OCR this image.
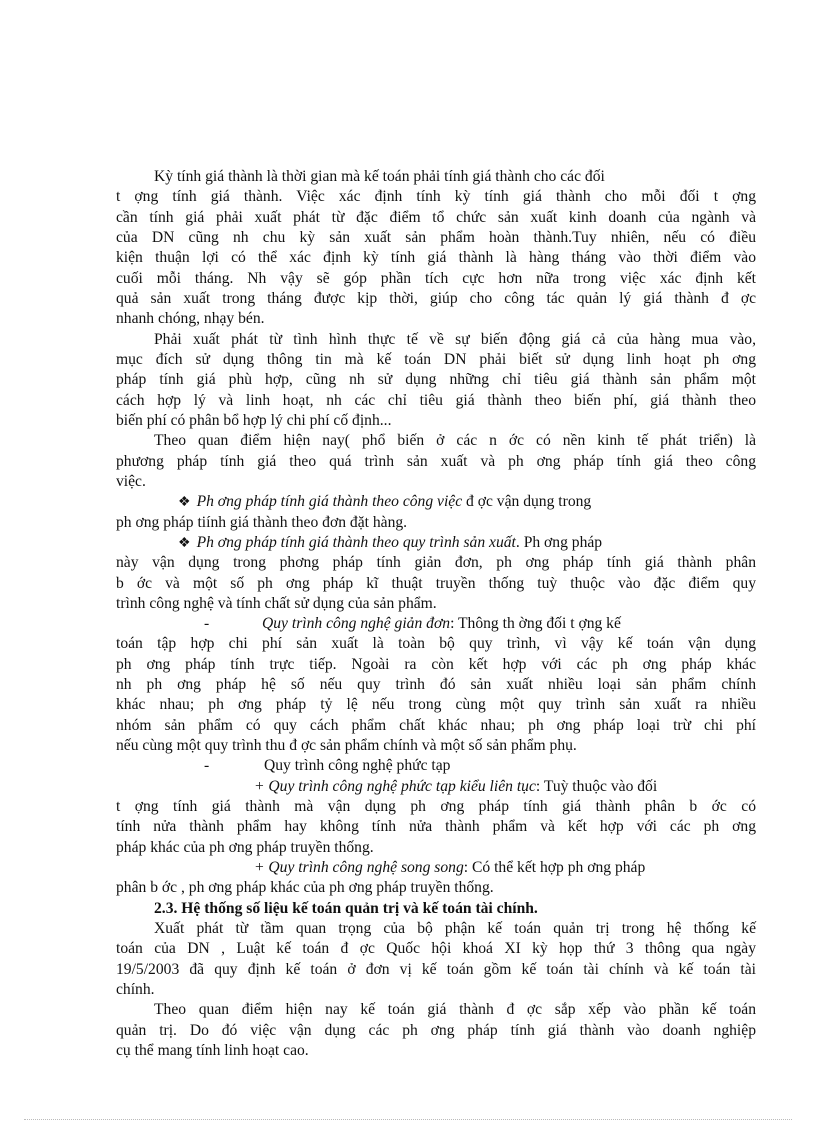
Kỳ tính giá thành là thời gian mà kế toán phải tính giá thành cho các đối
t ợng tính giá thành. Việc xác định tính kỳ tính giá thành cho mỗi đối t ợng
cần tính giá phải xuất phát từ đặc điểm tổ chức sản xuất kinh doanh của ngành và
của DN cũng nh chu kỳ sản xuất sản phẩm hoàn thành.Tuy nhiên, nếu có điều
kiện thuận lợi có thể xác định kỳ tính giá thành là hàng tháng vào thời điểm vào
cuối mỗi tháng. Nh vậy sẽ góp phần tích cực hơn nữa trong việc xác định kết
quả sản xuất trong tháng được kịp thời, giúp cho công tác quản lý giá thành đ ợc
nhanh chóng, nhạy bén.
Phải xuất phát từ tình hình thực tế về sự biến động giá cả của hàng mua vào,
mục đích sử dụng thông tin mà kế toán DN phải biết sử dụng linh hoạt ph ơng
pháp tính giá phù hợp, cũng nh sử dụng những chỉ tiêu giá thành sản phẩm một
cách hợp lý và linh hoạt, nh các chỉ tiêu giá thành theo biến phí, giá thành theo
biến phí có phân bổ hợp lý chi phí cố định...
Theo quan điểm hiện nay( phổ biến ở các n ớc có nền kinh tế phát triển) là
phương pháp tính giá theo quá trình sản xuất và ph ơng pháp tính giá theo công
việc.
❖ Ph ơng pháp tính giá thành theo công việc đ ợc vận dụng trong
ph ơng pháp tiính giá thành theo đơn đặt hàng.
❖ Ph ơng pháp tính giá thành theo quy trình sản xuất. Ph ơng pháp
này vận dụng trong phơng pháp tính giản đơn, ph ơng pháp tính giá thành phân
b ớc và một số ph ơng pháp kĩ thuật truyền thống tuỳ thuộc vào đặc điểm quy
trình công nghệ và tính chất sử dụng của sản phẩm.
-	Quy trình công nghệ giản đơn: Thông th ờng đối t ợng kế
toán tập hợp chi phí sản xuất là toàn bộ quy trình, vì vậy kế toán vận dụng
ph ơng pháp tính trực tiếp. Ngoài ra còn kết hợp với các ph ơng pháp khác
nh ph ơng pháp hệ số nếu quy trình đó sản xuất nhiều loại sản phẩm chính
khác nhau; ph ơng pháp tỷ lệ nếu trong cùng một quy trình sản xuất ra nhiều
nhóm sản phẩm có quy cách phẩm chất khác nhau; ph ơng pháp loại trừ chi phí
nếu cùng một quy trình thu đ ợc sản phẩm chính và một số sản phẩm phụ.
-	Quy trình công nghệ phức tạp
+ Quy trình công nghệ phức tạp kiểu liên tục: Tuỳ thuộc vào đối
t ợng tính giá thành mà vận dụng ph ơng pháp tính giá thành phân b ớc có
tính nửa thành phẩm hay không tính nửa thành phẩm và kết hợp với các ph ơng
pháp khác của ph ơng pháp truyền thống.
+ Quy trình công nghệ song song: Có thể kết hợp ph ơng pháp
phân b ớc , ph ơng pháp khác của ph ơng pháp truyền thống.
2.3. Hệ thống số liệu kế toán quản trị và kế toán tài chính.
Xuất phát từ tầm quan trọng của bộ phận kế toán quản trị trong hệ thống kế
toán của DN , Luật kế toán đ ợc Quốc hội khoá XI kỳ họp thứ 3 thông qua ngày
19/5/2003 đã quy định kế toán ở đơn vị kế toán gồm kế toán tài chính và kế toán tài
chính.
Theo quan điểm hiện nay kế toán giá thành đ ợc sắp xếp vào phần kế toán
quản trị. Do đó việc vận dụng các ph ơng pháp tính giá thành vào doanh nghiệp
cụ thể mang tính linh hoạt cao.
